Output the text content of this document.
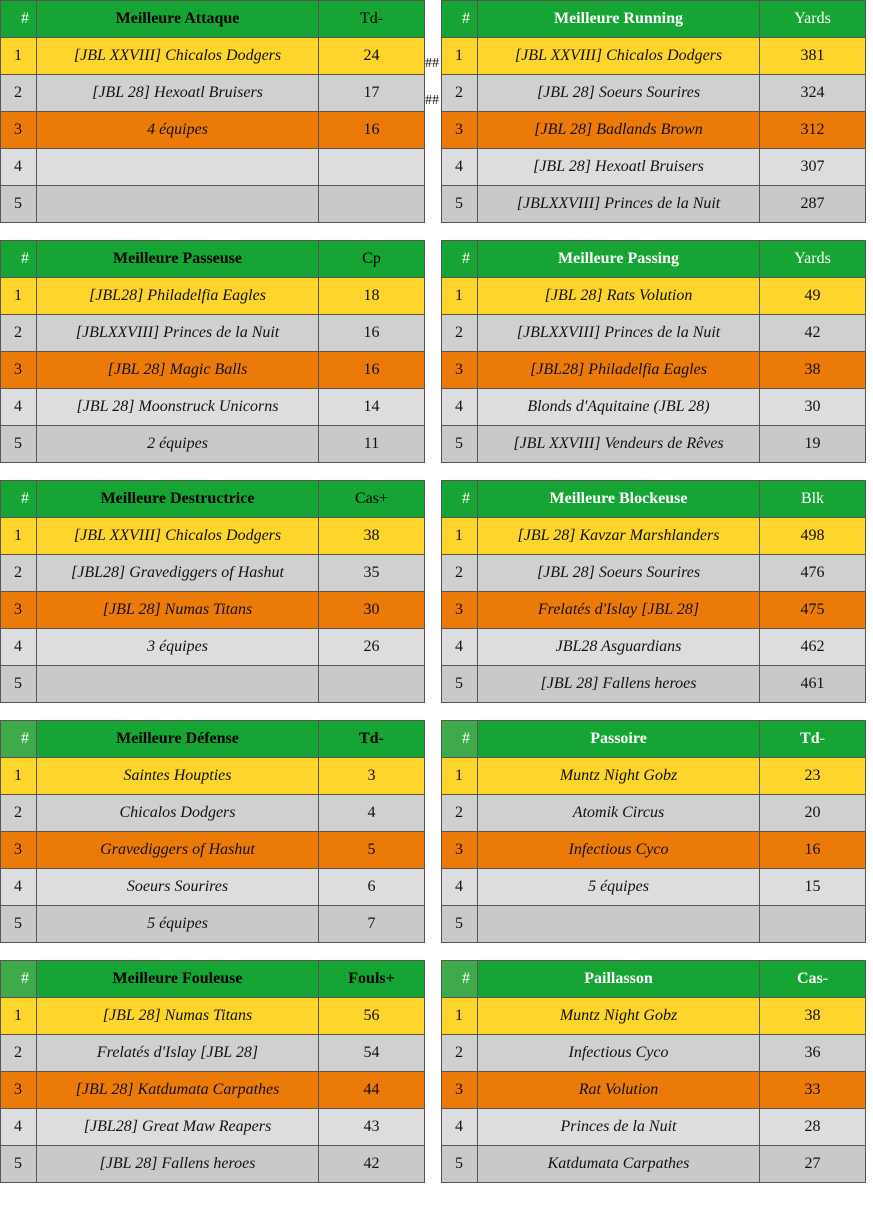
##
##
#	Meilleure Attaque	Td-
1	[JBL XXVIII] Chicalos Dodgers	24
2	[JBL 28] Hexoatl Bruisers	17
3	4 équipes	16
4		
5		
#	Meilleure Running	Yards
1	[JBL XXVIII] Chicalos Dodgers	381
2	[JBL 28] Soeurs Sourires	324
3	[JBL 28] Badlands Brown	312
4	[JBL 28] Hexoatl Bruisers	307
5	[JBLXXVIII] Princes de la Nuit	287
#	Meilleure Passeuse	Cp
1	[JBL28] Philadelfia Eagles	18
2	[JBLXXVIII] Princes de la Nuit	16
3	[JBL 28] Magic Balls	16
4	[JBL 28] Moonstruck Unicorns	14
5	2 équipes	11
#	Meilleure Passing	Yards
1	[JBL 28] Rats Volution	49
2	[JBLXXVIII] Princes de la Nuit	42
3	[JBL28] Philadelfia Eagles	38
4	Blonds d'Aquitaine (JBL 28)	30
5	[JBL XXVIII] Vendeurs de Rêves	19
#	Meilleure Destructrice	Cas+
1	[JBL XXVIII] Chicalos Dodgers	38
2	[JBL28] Gravediggers of Hashut	35
3	[JBL 28] Numas Titans	30
4	3 équipes	26
5		
#	Meilleure Blockeuse	Blk
1	[JBL 28] Kavzar Marshlanders	498
2	[JBL 28] Soeurs Sourires	476
3	Frelatés d'Islay [JBL 28]	475
4	JBL28 Asguardians	462
5	[JBL 28] Fallens heroes	461
#	Meilleure Défense	Td-
1	Saintes Houpties	3
2	Chicalos Dodgers	4
3	Gravediggers of Hashut	5
4	Soeurs Sourires	6
5	5 équipes	7
#	Passoire	Td-
1	Muntz Night Gobz	23
2	Atomik Circus	20
3	Infectious Cyco	16
4	5 équipes	15
5		
#	Meilleure Fouleuse	Fouls+
1	[JBL 28] Numas Titans	56
2	Frelatés d'Islay [JBL 28]	54
3	[JBL 28] Katdumata Carpathes	44
4	[JBL28] Great Maw Reapers	43
5	[JBL 28] Fallens heroes	42
#	Paillasson	Cas-
1	Muntz Night Gobz	38
2	Infectious Cyco	36
3	Rat Volution	33
4	Princes de la Nuit	28
5	Katdumata Carpathes	27
